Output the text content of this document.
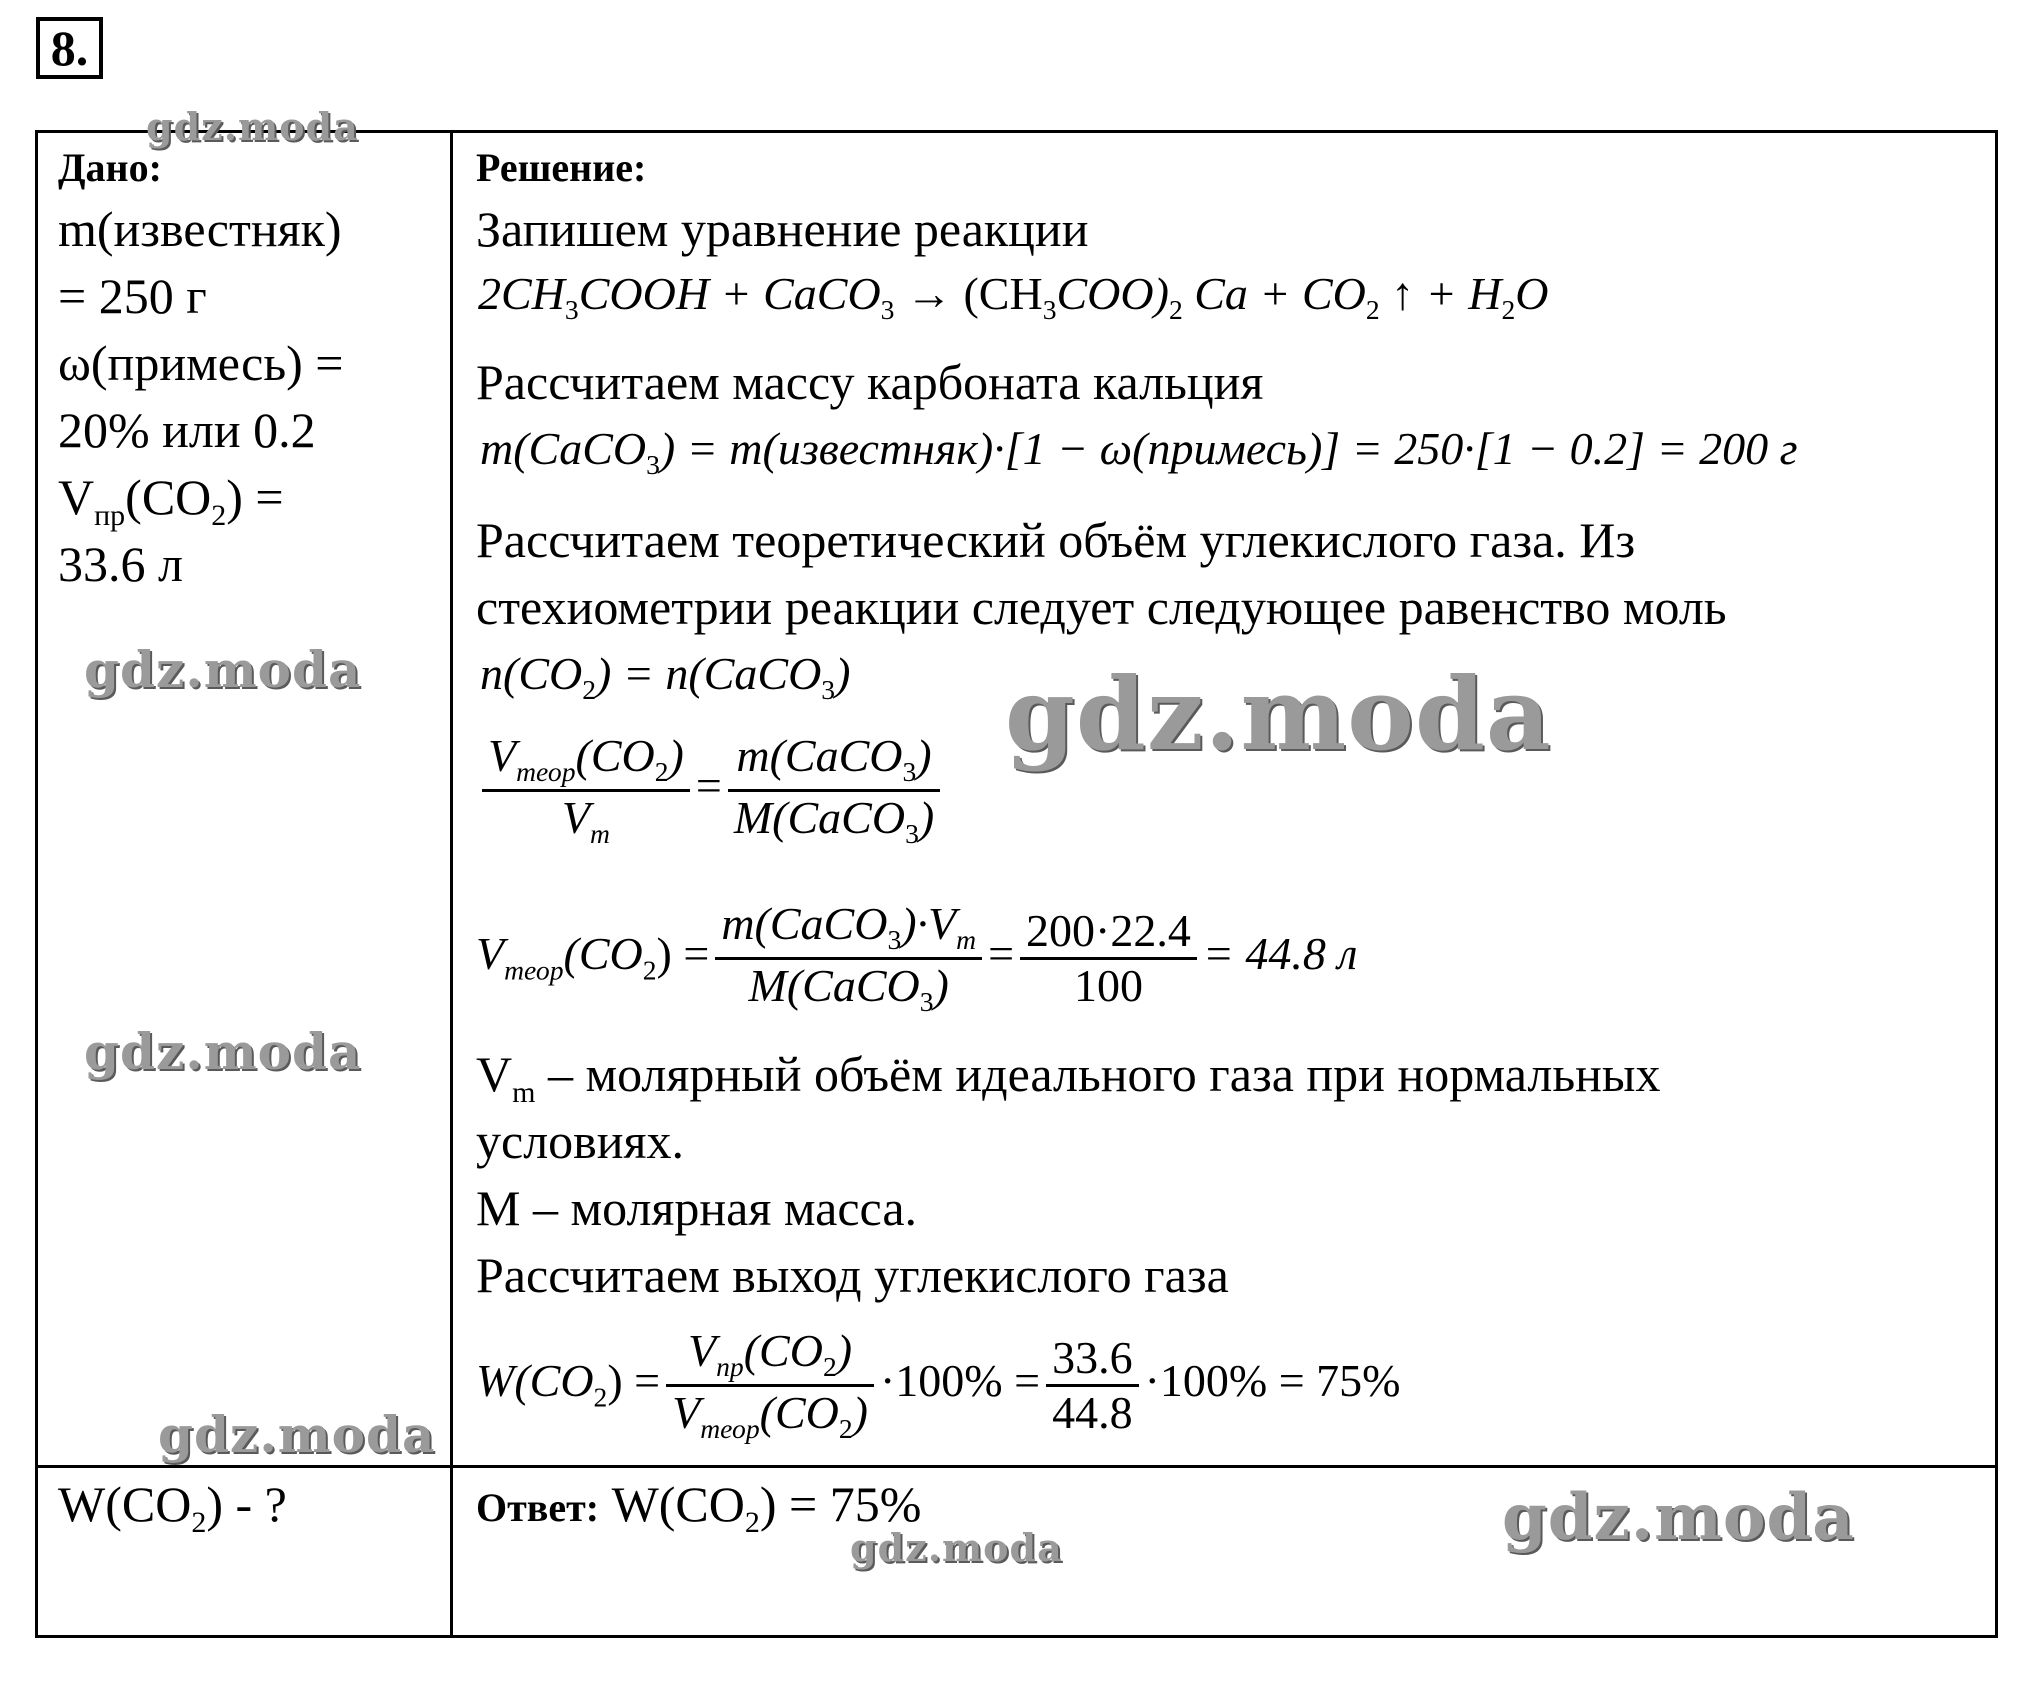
8.
Дано:
m(известняк)
= 250 г
ω(примесь) =
20% или 0.2
$V_{пр}(CO_2)$ =
33.6 л
$W(CO_2)$ - ?
Решение:
Запишем уравнение реакции
$2CH_3COOH$ + CaCO$_3$ → $(CH_3COO)_2$ $Ca + CO_2$ ↑ + $H_2O$
Рассчитаем массу карбоната кальция
m(CaCO$_3$) = m(известняк)·[1 − ω(примесь)] = 250·[1 − 0.2] = 200 г
Рассчитаем теоретический объём углекислого газа. Из
стехиометрии реакции следует следующее равенство моль
$n(CO_2)$ = n(CaCO$_3$)
$\frac{V_{теор}(CO_2)}{V_m} = \frac{m(CaCO_3)}{M(CaCO_3)}$
$V_{теор}(CO_2) = \frac{m(CaCO_3)\cdot V_m}{M(CaCO_3)} = \frac{200\cdot 22.4}{100} = 44.8$ л
$V_m$ – молярный объём идеального газа при нормальных
условиях.
M – молярная масса.
Рассчитаем выход углекислого газа
$W(CO_2) = \frac{V_{пр}(CO_2)}{V_{теор}(CO_2)} \cdot 100\% = \frac{33.6}{44.8} \cdot 100\% = 75\%$
Ответ: $W(CO_2) = 75\%$
gdz.moda
gdz.moda	gdz.moda
gdz.moda
gdz.moda
gdz.moda	gdz.moda
